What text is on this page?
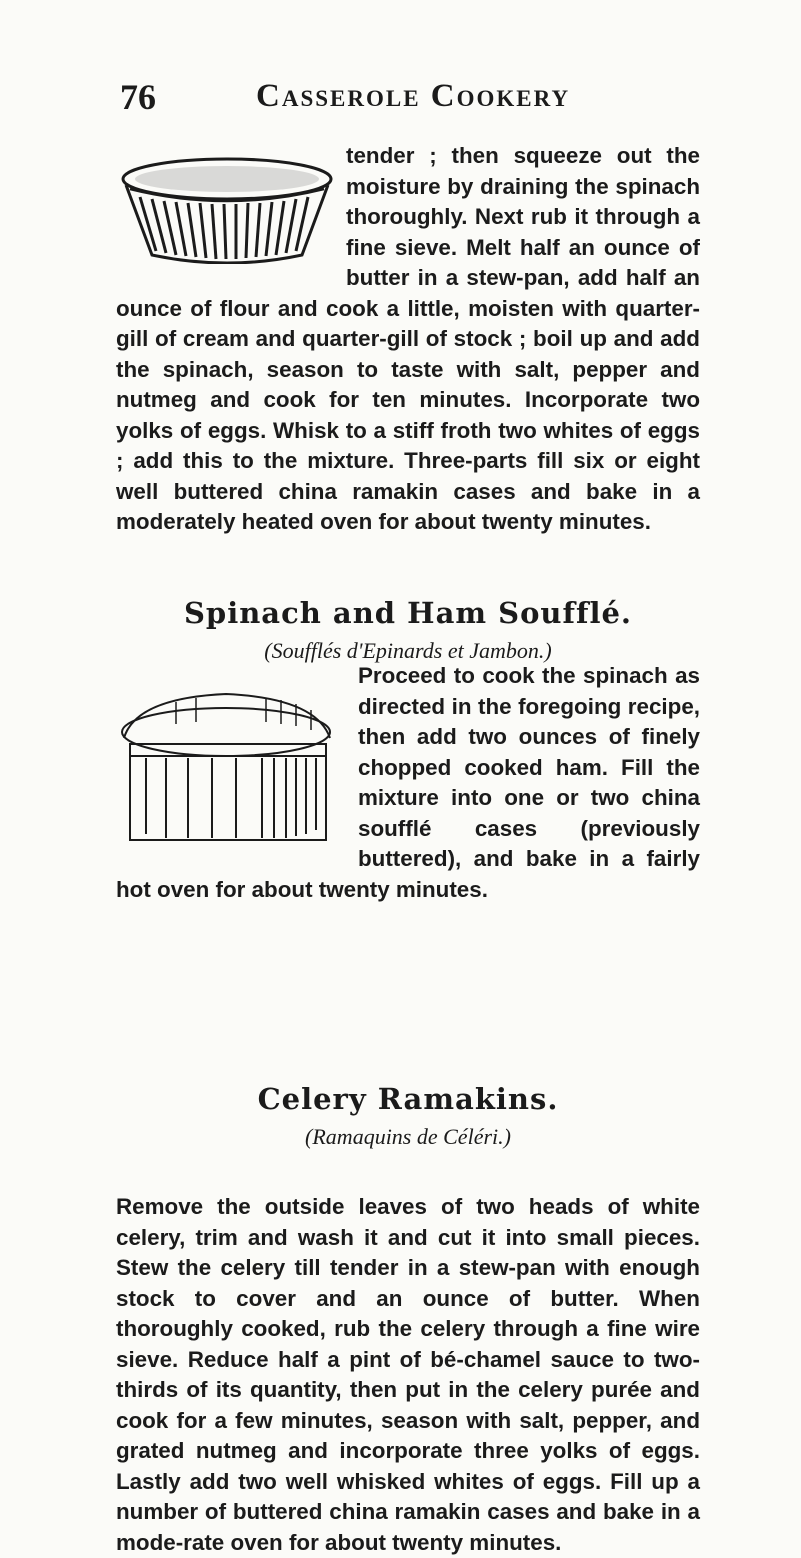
76	Casserole Cookery
tender ; then squeeze out the moisture by draining the spinach thoroughly. Next rub it through a fine sieve. Melt half an ounce of butter in a stew-pan, add half an ounce of flour and cook a little, moisten with quarter-gill of cream and quarter-gill of stock ; boil up and add the spinach, season to taste with salt, pepper and nutmeg and cook for ten minutes. Incorporate two yolks of eggs. Whisk to a stiff froth two whites of eggs ; add this to the mixture. Three-parts fill six or eight well buttered china ramakin cases and bake in a moderately heated oven for about twenty minutes.
Spinach and Ham Soufflé.
(Soufflés d'Epinards et Jambon.)
Proceed to cook the spinach as directed in the foregoing recipe, then add two ounces of finely chopped cooked ham. Fill the mixture into one or two china soufflé cases (previously buttered), and bake in a fairly hot oven for about twenty minutes.
Celery Ramakins.
(Ramaquins de Céléri.)
Remove the outside leaves of two heads of white celery, trim and wash it and cut it into small pieces. Stew the celery till tender in a stew-pan with enough stock to cover and an ounce of butter. When thoroughly cooked, rub the celery through a fine wire sieve. Reduce half a pint of bé-chamel sauce to two-thirds of its quantity, then put in the celery purée and cook for a few minutes, season with salt, pepper, and grated nutmeg and incorporate three yolks of eggs. Lastly add two well whisked whites of eggs. Fill up a number of buttered china ramakin cases and bake in a mode-rate oven for about twenty minutes.
